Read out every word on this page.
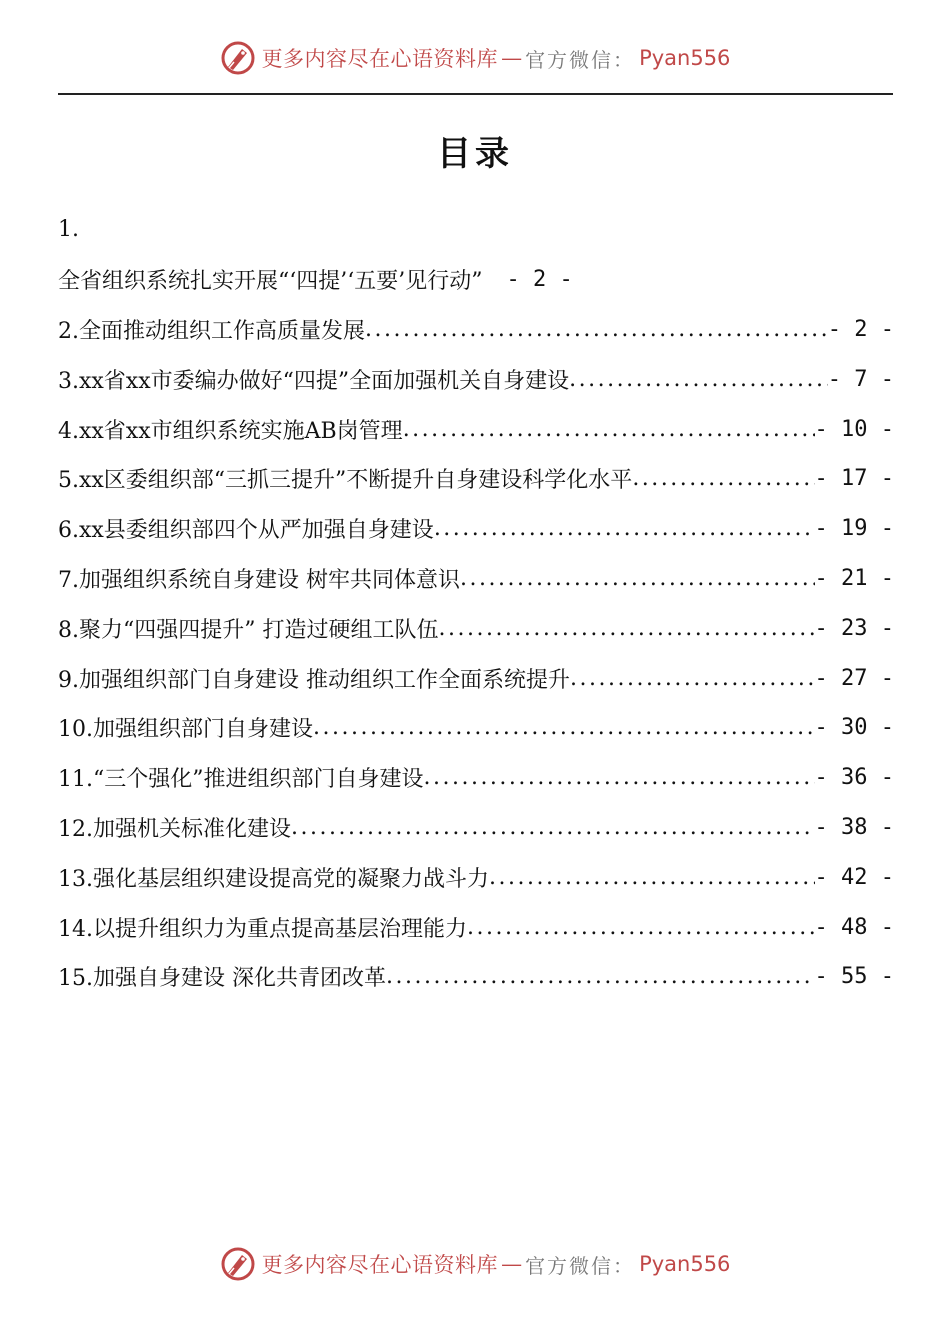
更多内容尽在心语资料库 — 官方微信： Pyan556
目录
1.
全省组织系统扎实开展“‘四提’‘五要’见行动” - 2 -
2.全面推动组织工作高质量发展 .....	- 2 -
3.xx省xx市委编办做好“四提”全面加强机关自身建设 .....	- 7 -
4.xx省xx市组织系统实施AB岗管理 .....	- 10 -
5.xx区委组织部“三抓三提升”不断提升自身建设科学化水平 .....	- 17 -
6.xx县委组织部四个从严加强自身建设 .....	- 19 -
7.加强组织系统自身建设 树牢共同体意识 .....	- 21 -
8.聚力“四强四提升” 打造过硬组工队伍 .....	- 23 -
9.加强组织部门自身建设 推动组织工作全面系统提升 .....	- 27 -
10.加强组织部门自身建设 .....	- 30 -
11.“三个强化”推进组织部门自身建设 .....	- 36 -
12.加强机关标准化建设 .....	- 38 -
13.强化基层组织建设提高党的凝聚力战斗力 .....	- 42 -
14.以提升组织力为重点提高基层治理能力 .....	- 48 -
15.加强自身建设 深化共青团改革 .....	- 55 -
更多内容尽在心语资料库 — 官方微信： Pyan556
